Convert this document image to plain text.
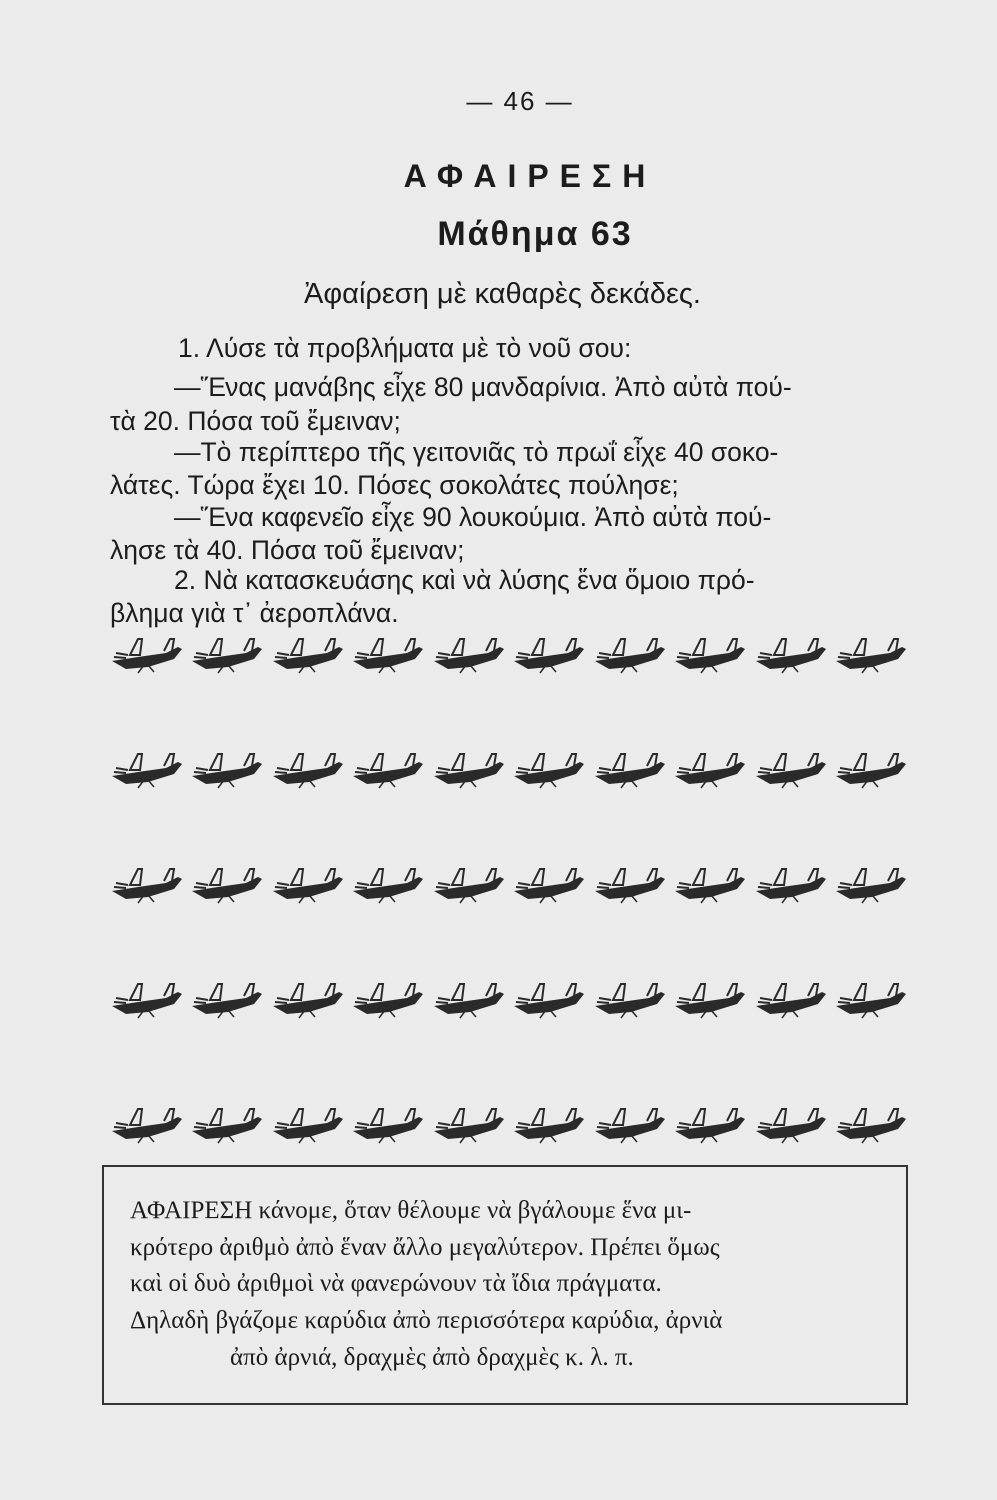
— 46 —
ΑΦΑΙΡΕΣΗ
Μάθημα 63
Ἀφαίρεση μὲ καθαρὲς δεκάδες.
1. Λύσε τὰ προβλήματα μὲ τὸ νοῦ σου:
—Ἕνας μανάβης εἶχε 80 μανδαρίνια. Ἀπὸ αὐτὰ πού-
τὰ 20. Πόσα τοῦ ἔμειναν;
—Τὸ περίπτερο τῆς γειτονιᾶς τὸ πρωΐ εἶχε 40 σοκο-
λάτες. Τώρα ἔχει 10. Πόσες σοκολάτες πούλησε;
—Ἕνα καφενεῖο εἶχε 90 λουκούμια. Ἀπὸ αὐτὰ πού-
λησε τὰ 40. Πόσα τοῦ ἔμειναν;
2. Νὰ κατασκευάσης καὶ νὰ λύσης ἕνα ὅμοιο πρό-
βλημα γιὰ τ᾽ ἀεροπλάνα.
ΑΦΑΙΡΕΣΗ κάνομε, ὅταν θέλουμε νὰ βγάλουμε ἕνα μι-
κρότερο ἀριθμὸ ἀπὸ ἕναν ἄλλο μεγαλύτερον. Πρέπει ὅμως
καὶ οἱ δυὸ ἀριθμοὶ νὰ φανερώνουν τὰ ἴδια πράγματα.
Δηλαδὴ βγάζομε καρύδια ἀπὸ περισσότερα καρύδια, ἀρνιὰ
ἀπὸ ἀρνιά, δραχμὲς ἀπὸ δραχμὲς κ. λ. π.
